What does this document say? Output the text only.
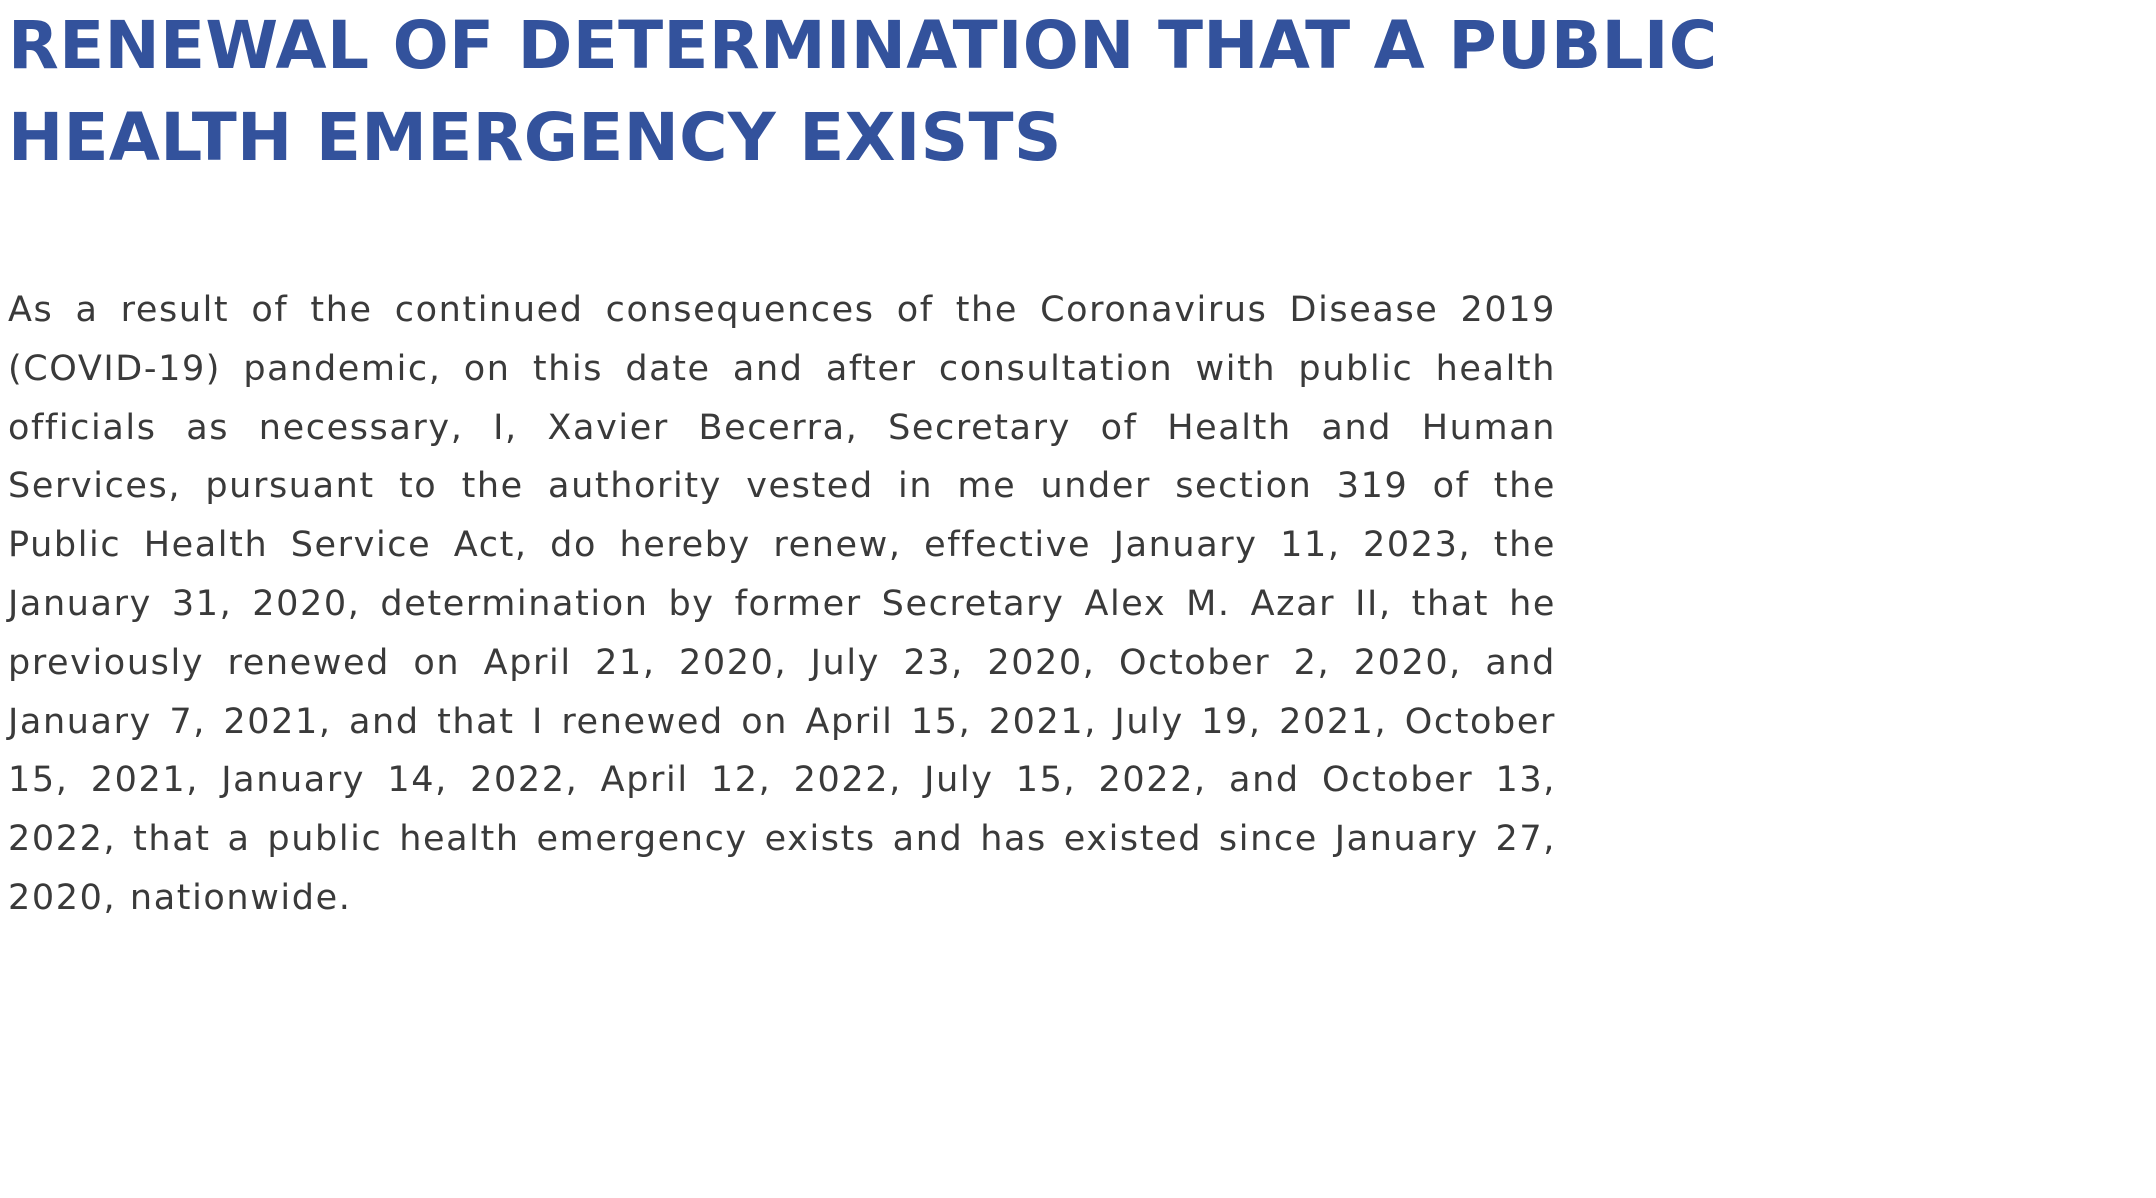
RENEWAL OF DETERMINATION THAT A PUBLIC
HEALTH EMERGENCY EXISTS

As a result of the continued consequences of the Coronavirus Disease 2019 (COVID-19) pandemic, on this date and after consultation with public health officials as necessary, I, Xavier Becerra, Secretary of Health and Human Services, pursuant to the authority vested in me under section 319 of the Public Health Service Act, do hereby renew, effective January 11, 2023, the January 31, 2020, determination by former Secretary Alex M. Azar II, that he previously renewed on April 21, 2020, July 23, 2020, October 2, 2020, and January 7, 2021, and that I renewed on April 15, 2021, July 19, 2021, October 15, 2021, January 14, 2022, April 12, 2022, July 15, 2022, and October 13, 2022, that a public health emergency exists and has existed since January 27, 2020, nationwide.
